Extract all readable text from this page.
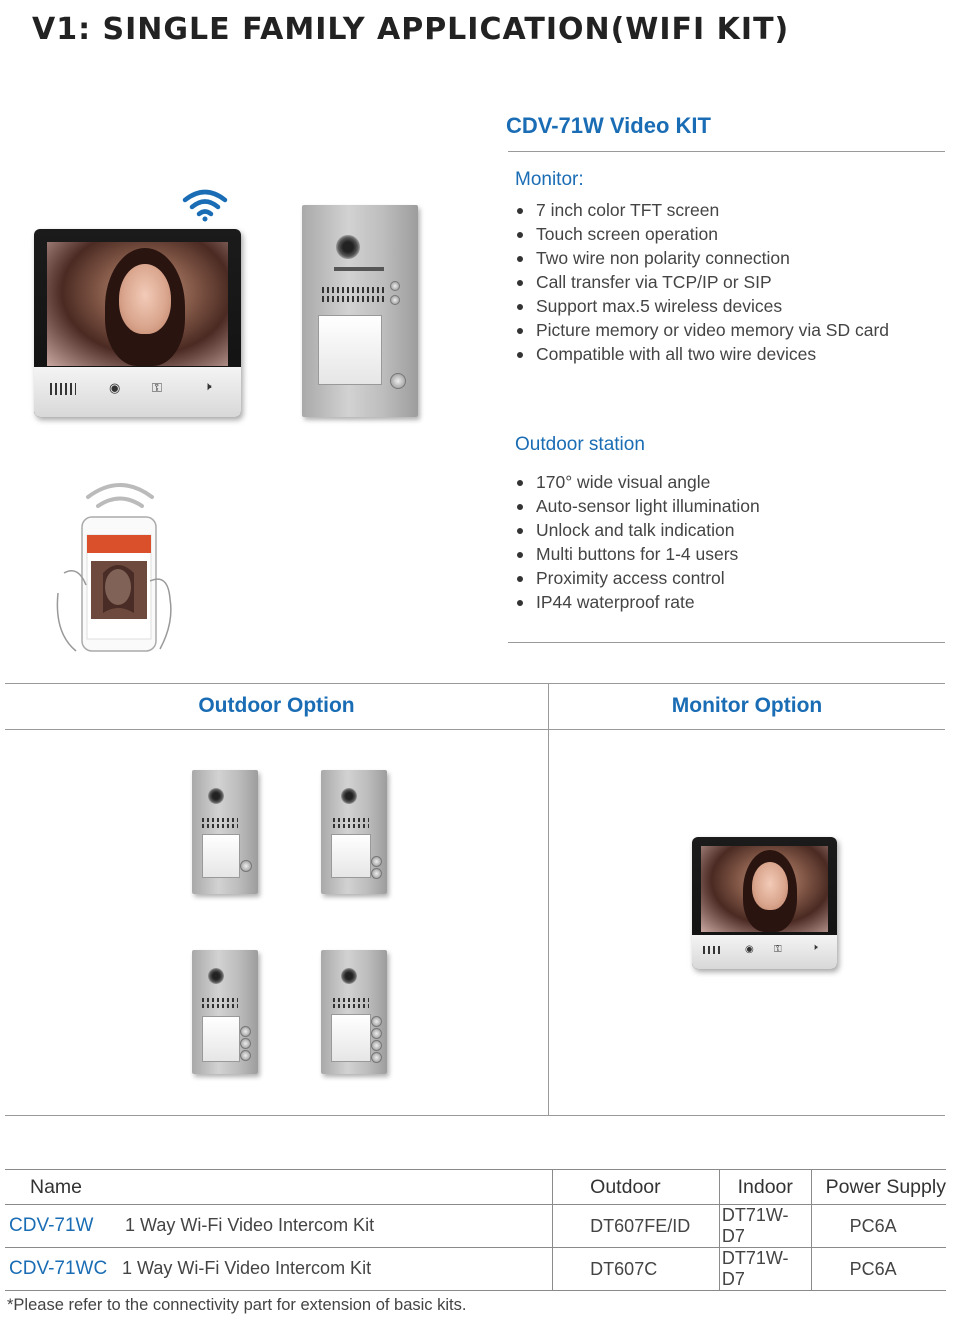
V1: SINGLE FAMILY APPLICATION(WIFI KIT)
◉ ⚿	🕨
CDV-71W Video KIT
Monitor:
7 inch color TFT screen
Touch screen operation
Two wire non polarity connection
Call transfer via TCP/IP or SIP
Support max.5 wireless devices
Picture memory or video memory via SD card
Compatible with all two wire devices
Outdoor station
170° wide visual angle
Auto-sensor light illumination
Unlock and talk indication
Multi buttons for 1-4 users
Proximity access control
IP44 waterproof rate
Outdoor Option	Monitor Option
◉ ⚿	🕨
Name	Outdoor	Indoor	Power Supply
CDV-71W 1 Way Wi-Fi Video Intercom Kit	DT607FE/ID	DT71W-D7	PC6A
CDV-71WC 1 Way Wi-Fi Video Intercom Kit	DT607C	DT71W-D7	PC6A
*Please refer to the connectivity part for extension of basic kits.
